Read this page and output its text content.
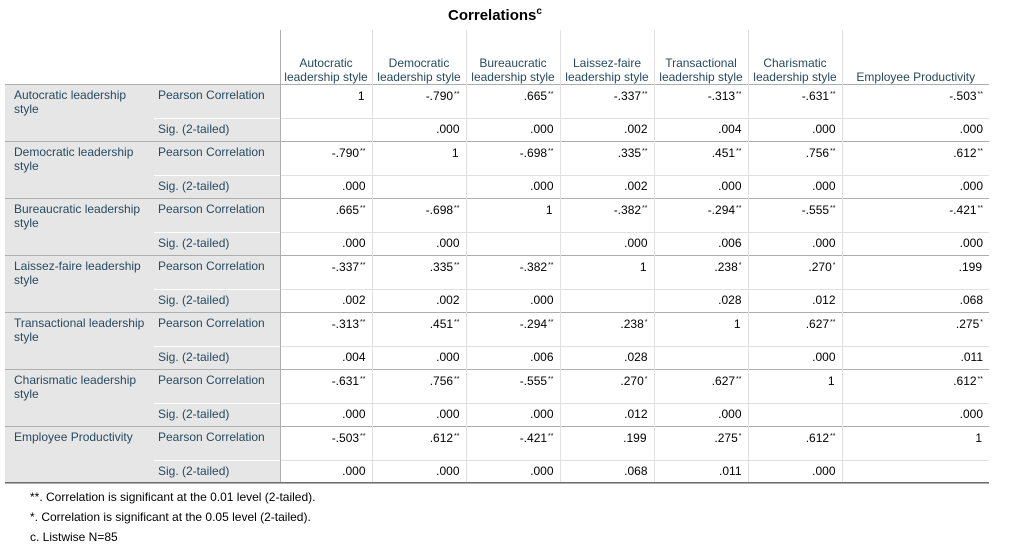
Correlations$^c$
		Autocratic leadership style	Democratic leadership style	Bureaucratic leadership style	Laissez-faire leadership style	Transactional leadership style	Charismatic leadership style	Employee Productivity
Autocratic leadership style	Pearson Correlation	1	-.790**	.665**	-.337**	-.313**	-.631**	-.503**
	Sig. (2-tailed)		.000	.000	.002	.004	.000	.000
Democratic leadership style	Pearson Correlation	-.790**	1	-.698**	.335**	.451**	.756**	.612**
	Sig. (2-tailed)	.000		.000	.002	.000	.000	.000
Bureaucratic leadership style	Pearson Correlation	.665**	-.698**	1	-.382**	-.294**	-.555**	-.421**
	Sig. (2-tailed)	.000	.000		.000	.006	.000	.000
Laissez-faire leadership style	Pearson Correlation	-.337**	.335**	-.382**	1	.238*	.270*	.199
	Sig. (2-tailed)	.002	.002	.000		.028	.012	.068
Transactional leadership style	Pearson Correlation	-.313**	.451**	-.294**	.238*	1	.627**	.275*
	Sig. (2-tailed)	.004	.000	.006	.028		.000	.011
Charismatic leadership style	Pearson Correlation	-.631**	.756**	-.555**	.270*	.627**	1	.612**
	Sig. (2-tailed)	.000	.000	.000	.012	.000		.000
Employee Productivity	Pearson Correlation	-.503**	.612**	-.421**	.199	.275*	.612**	1
	Sig. (2-tailed)	.000	.000	.000	.068	.011	.000	
**. Correlation is significant at the 0.01 level (2-tailed).
*. Correlation is significant at the 0.05 level (2-tailed).
c. Listwise N=85
